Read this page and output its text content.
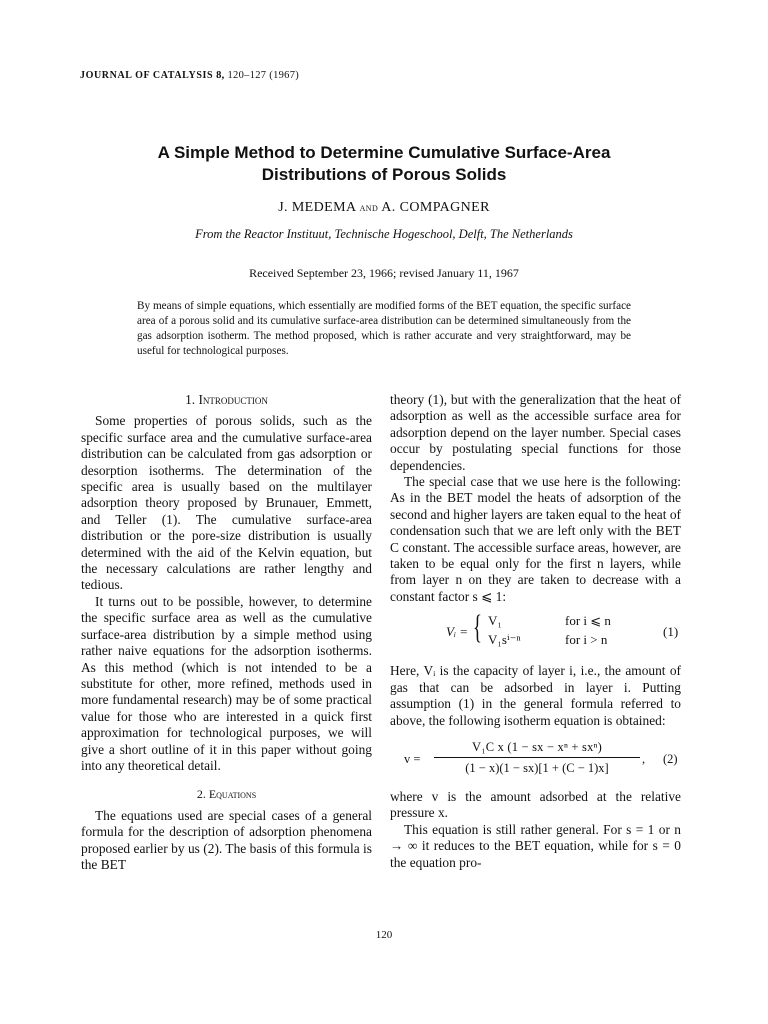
JOURNAL OF CATALYSIS 8, 120–127 (1967)
A Simple Method to Determine Cumulative Surface-Area
Distributions of Porous Solids
J. MEDEMA and A. COMPAGNER
From the Reactor Instituut, Technische Hogeschool, Delft, The Netherlands
Received September 23, 1966; revised January 11, 1967
By means of simple equations, which essentially are modified forms of the BET equation, the specific surface area of a porous solid and its cumulative surface-area distribution can be determined simultaneously from the gas adsorption isotherm. The method proposed, which is rather accurate and very straightforward, may be useful for technological purposes.
1. Introduction

Some properties of porous solids, such as the specific surface area and the cumulative surface-area distribution can be calculated from gas adsorption or desorption isotherms. The determination of the specific area is usually based on the multilayer adsorption theory proposed by Brunauer, Emmett, and Teller (1). The cumulative surface-area distribution or the pore-size distribution is usually determined with the aid of the Kelvin equation, but the necessary calculations are rather lengthy and tedious.

It turns out to be possible, however, to determine the specific surface area as well as the cumulative surface-area distribution by a simple method using rather naive equations for the adsorption isotherms. As this method (which is not intended to be a substitute for other, more refined, methods used in more fundamental research) may be of some practical value for those who are interested in a quick first approximation for technological purposes, we will give a short outline of it in this paper without going into any theoretical detail.

2. Equations

The equations used are special cases of a general formula for the description of adsorption phenomena proposed earlier by us (2). The basis of this formula is the BET

theory (1), but with the generalization that the heat of adsorption as well as the accessible surface area for adsorption depend on the layer number. Special cases occur by postulating special functions for those dependencies.

The special case that we use here is the following: As in the BET model the heats of adsorption of the second and higher layers are taken equal to the heat of condensation such that we are left only with the BET C constant. The accessible surface areas, however, are taken to be equal only for the first n layers, while from layer n on they are taken to decrease with a constant factor s ⩽ 1:

Vᵢ = { V₁	for i ⩽ n
V₁sⁱ⁻ⁿ	for i > n
(1)

Here, Vᵢ is the capacity of layer i, i.e., the amount of gas that can be adsorbed in layer i. Putting assumption (1) in the general formula referred to above, the following isotherm equation is obtained:

v =
V₁C x (1 − sx − xⁿ + sxⁿ)
(1 − x)(1 − sx)[1 + (C − 1)x]
, (2)

where v is the amount adsorbed at the relative pressure x.

This equation is still rather general. For s = 1 or n → ∞ it reduces to the BET equation, while for s = 0 the equation pro-

120
